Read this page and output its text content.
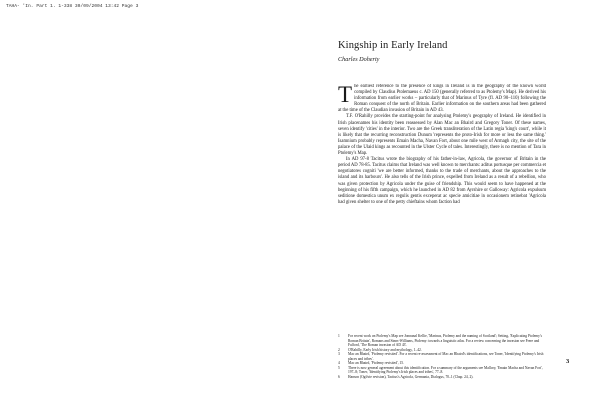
TAHA- 'In. Part 1. 1-338 30/09/2004 13:42 Page 3
Kingship in Early Ireland
Charles Doherty

The earliest reference to the presence of kings in Ireland is in the geography of the known world compiled by Claudius Ptolemaeus c. AD 150 (generally referred to as Ptolemy's Map). He derived his information from earlier works – particularly that of Marinus of Tyre (fl. AD 90–110) following the Roman conquest of the north of Britain. Earlier information on the southern areas had been gathered at the time of the Claudian invasion of Britain in AD 43.

T.F. O'Rahilly provides the starting-point for analysing Ptolemy's geography of Ireland. He identified in Irish placenames his identity been reassessed by Alan Mac an Bhaird and Gregory Toner. Of these names, seven identify 'cities' in the interior. Two are the Greek transliteration of the Latin regia 'king's court', while it is likely that the recurring reconstruction Dunum 'represents the proto-Irish for more or less the same thing.' Isamnium probably represents Emain Macha, Navan Fort, about one mile west of Armagh city, the site of the palace of the Ulaid kings as recounted in the Ulster Cycle of tales. Interestingly, there is no mention of Tara in Ptolemy's Map.

In AD 97-8 Tacitus wrote the biography of his father-in-law, Agricola, the governor of Britain in the period AD 78-85. Tacitus claims that Ireland was well known to merchants: aditus portusque per commercia et negotiatores cogniti 'we are better informed, thanks to the trade of merchants, about the approaches to the island and its harbours'. He also tells of the Irish prince, expelled from Ireland as a result of a rebellion, who was given protection by Agricola under the guise of friendship. This would seem to have happened at the beginning of his fifth campaign, which he launched in AD 82 from Ayrshire or Galloway: Agricola expulsum seditione domestica unum ex regulis gentis exceperat ac specie amicitiae in occasionem retinebat 'Agricola had given shelter to one of the petty chieftains whom faction had

1	For recent work on Ptolemy's Map see Jonnanal Kellie, 'Marinus, Ptolemy and the naming of Scotland'; Setting, 'Explicating Ptolemy's Roman Britain', Romans and Sinns-Williams, Ptolemy: towards a linguistic atlas. For a review concerning the invasion see Frere and Fulford, 'The Roman invasion of AD 43'.
2	O'Rahilly, Early Irish history and mythology, 1–42.
3	Mac an Bhaird, 'Ptolemy revisited'. For a recent re-assessment of Mac an Bhaird's identifications, see Toner, 'Identifying Ptolemy's Irish places and tribes'.
4	Mac an Bhaird, 'Ptolemy revisited', 15.
5	There is now general agreement about this identification. For a summary of the arguments see Mallory, 'Emain Macha and Navan Fort', 197–8; Toner, 'Identifying Ptolemy's Irish places and tribes', 77–8.
6	Hanson (Ogilvie revision), Tacitus's Agricola, Germania, Dialogus, 70–1 (Chap. 24, 2).
3
